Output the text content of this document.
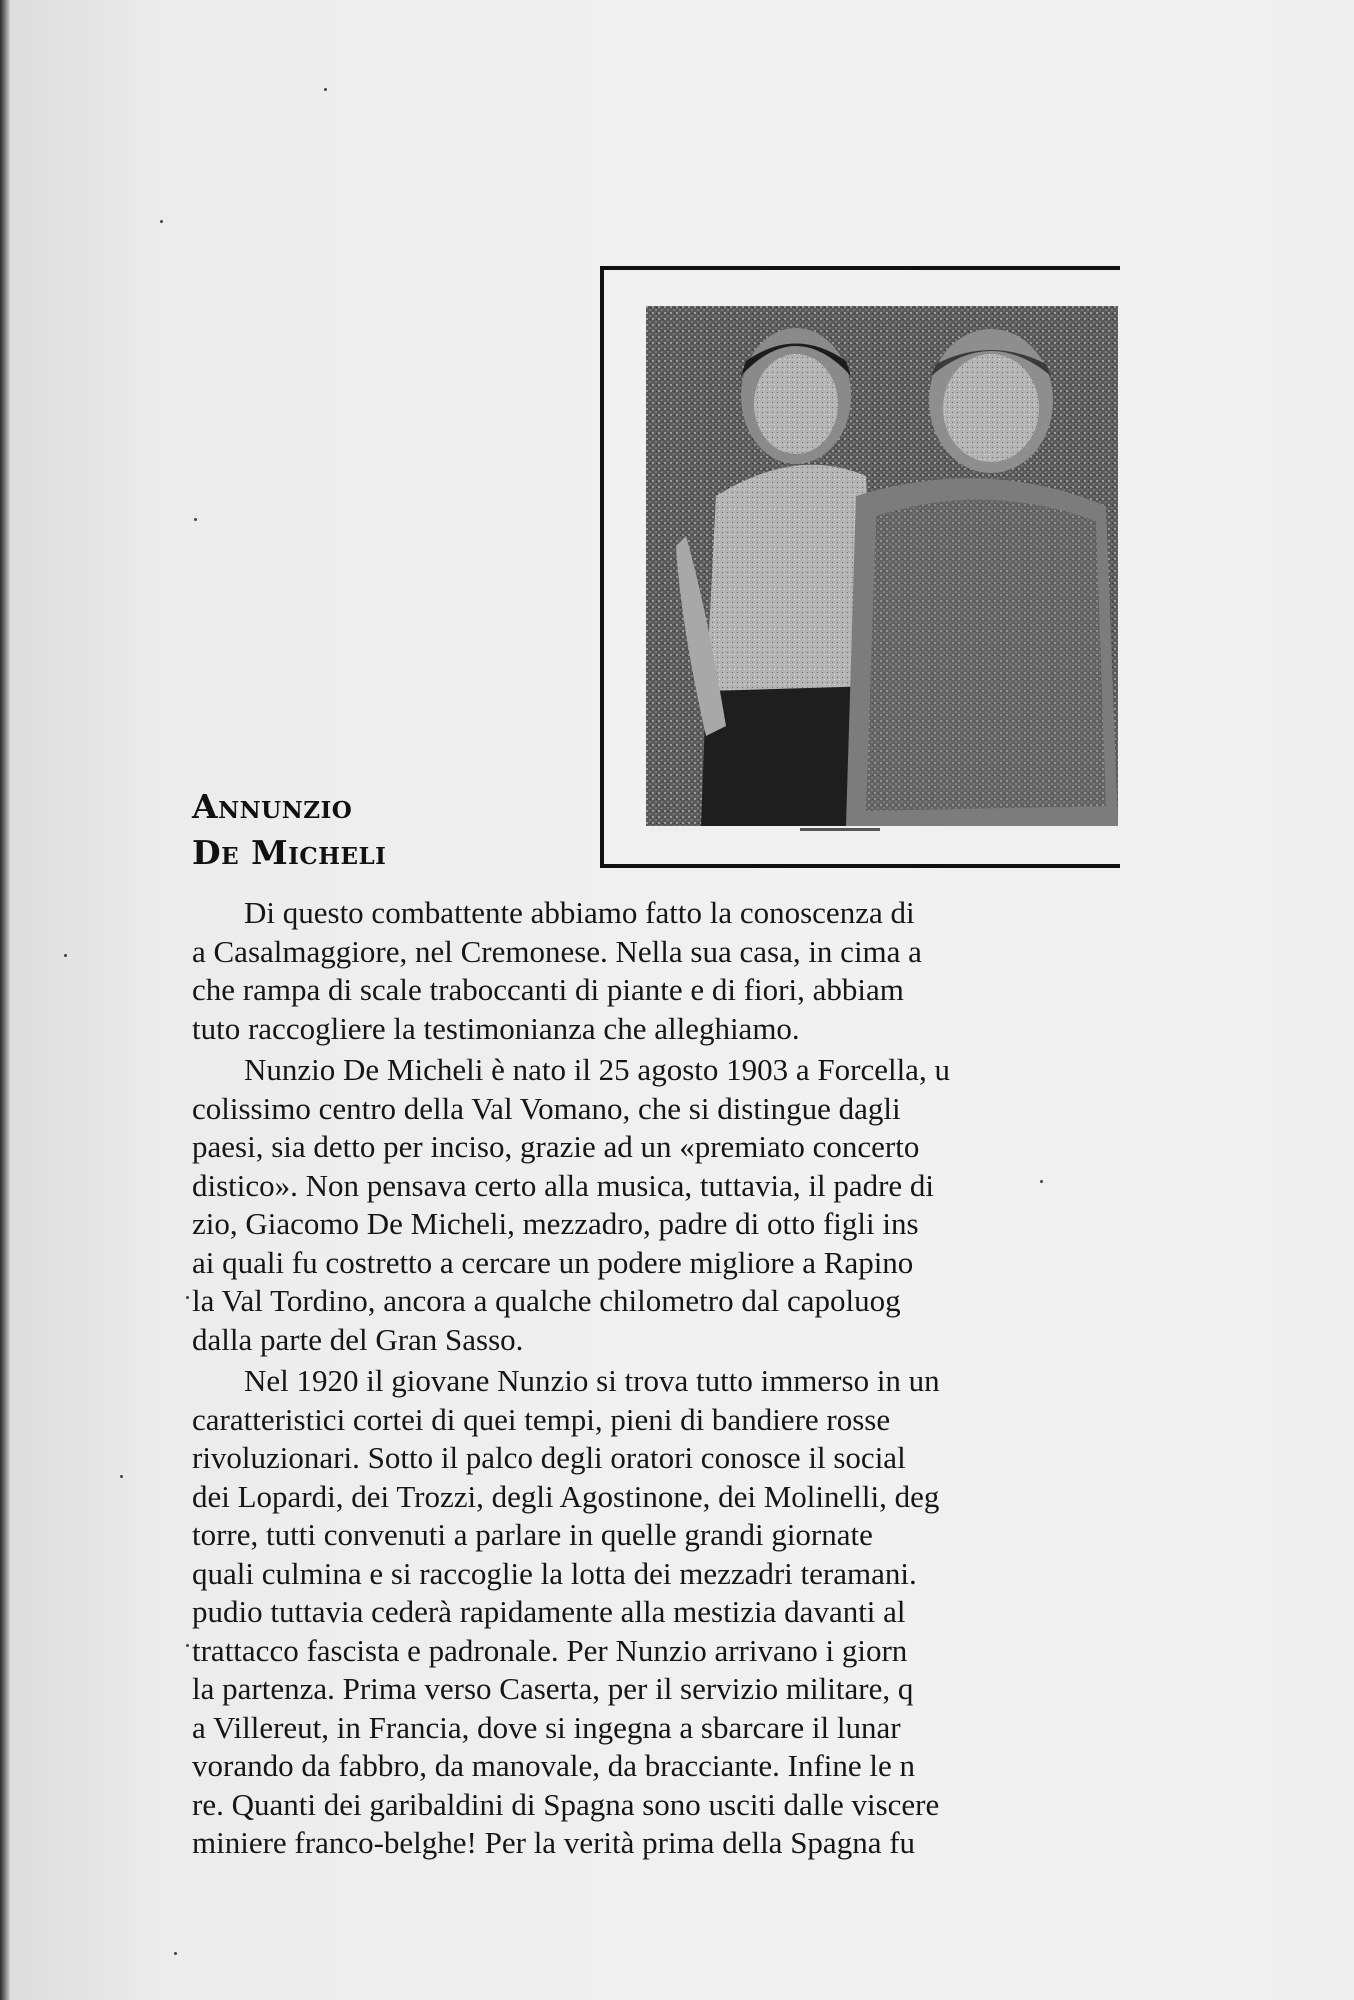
Annunzio
De Micheli
Di questo combattente abbiamo fatto la conoscenza di
a Casalmaggiore, nel Cremonese. Nella sua casa, in cima a
che rampa di scale traboccanti di piante e di fiori, abbiam
tuto raccogliere la testimonianza che alleghiamo.
Nunzio De Micheli è nato il 25 agosto 1903 a Forcella, u
colissimo centro della Val Vomano, che si distingue dagli
paesi, sia detto per inciso, grazie ad un «premiato concerto
distico». Non pensava certo alla musica, tuttavia, il padre di
zio, Giacomo De Micheli, mezzadro, padre di otto figli ins
ai quali fu costretto a cercare un podere migliore a Rapino
la Val Tordino, ancora a qualche chilometro dal capoluog
dalla parte del Gran Sasso.
Nel 1920 il giovane Nunzio si trova tutto immerso in un
caratteristici cortei di quei tempi, pieni di bandiere rosse
rivoluzionari. Sotto il palco degli oratori conosce il social
dei Lopardi, dei Trozzi, degli Agostinone, dei Molinelli, deg
torre, tutti convenuti a parlare in quelle grandi giornate
quali culmina e si raccoglie la lotta dei mezzadri teramani.
pudio tuttavia cederà rapidamente alla mestizia davanti al
trattacco fascista e padronale. Per Nunzio arrivano i giorn
la partenza. Prima verso Caserta, per il servizio militare, q
a Villereut, in Francia, dove si ingegna a sbarcare il lunar
vorando da fabbro, da manovale, da bracciante. Infine le n
re. Quanti dei garibaldini di Spagna sono usciti dalle viscere
miniere franco-belghe! Per la verità prima della Spagna fu
